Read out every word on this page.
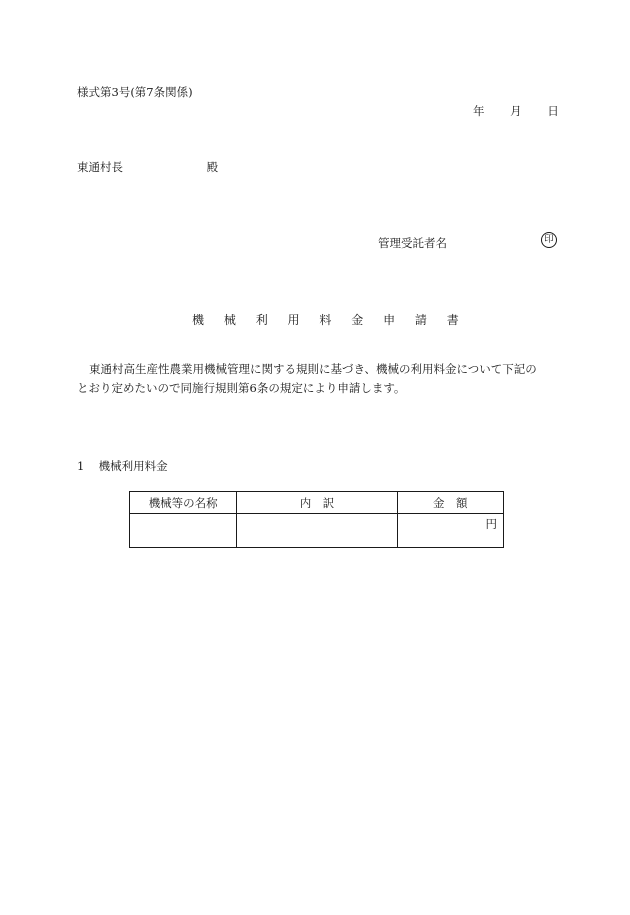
様式第3号(第7条関係)
年 月 日
東通村長	殿
管理受託者名	印
機 械 利 用 料 金 申 請 書
東通村高生産性農業用機械管理に関する規則に基づき、機械の利用料金について下記の
とおり定めたいので同施行規則第6条の規定により申請します。
1 機械利用料金
機械等の名称	内　訳	金　額

		円
